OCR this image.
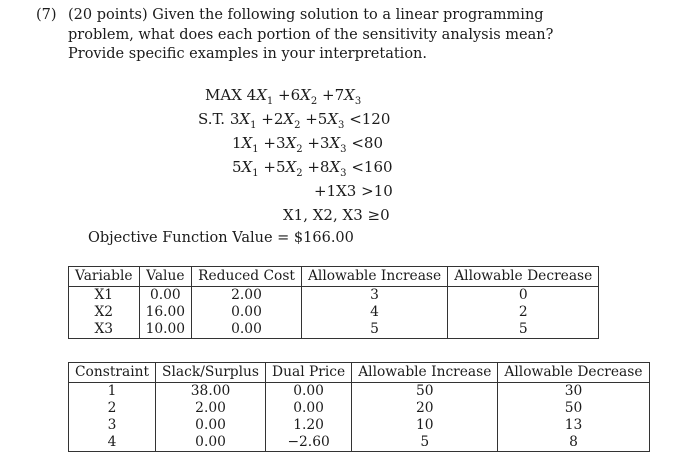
(7) (20 points) Given the following solution to a linear programming problem, what does each portion of the sensitivity analysis mean? Provide specific examples in your interpretation.
MAX $4X_1 +6X_2 +7X_3$
S.T. $3X_1 +2X_2 +5X_3 <120$
$1X_1 +3X_2 +3X_3 <80$
$5X_1 +5X_2 +8X_3 <160$
+1X3 >10
X1, X2, X3 ≥0
Objective Function Value = $166.00
Variable	Value	Reduced Cost	Allowable Increase	Allowable Decrease
X1	0.00	2.00	3	0
X2	16.00	0.00	4	2
X3	10.00	0.00	5	5
Constraint	Slack/Surplus	Dual Price	Allowable Increase	Allowable Decrease
1	38.00	0.00	50	30
2	2.00	0.00	20	50
3	0.00	1.20	10	13
4	0.00	−2.60	5	8
